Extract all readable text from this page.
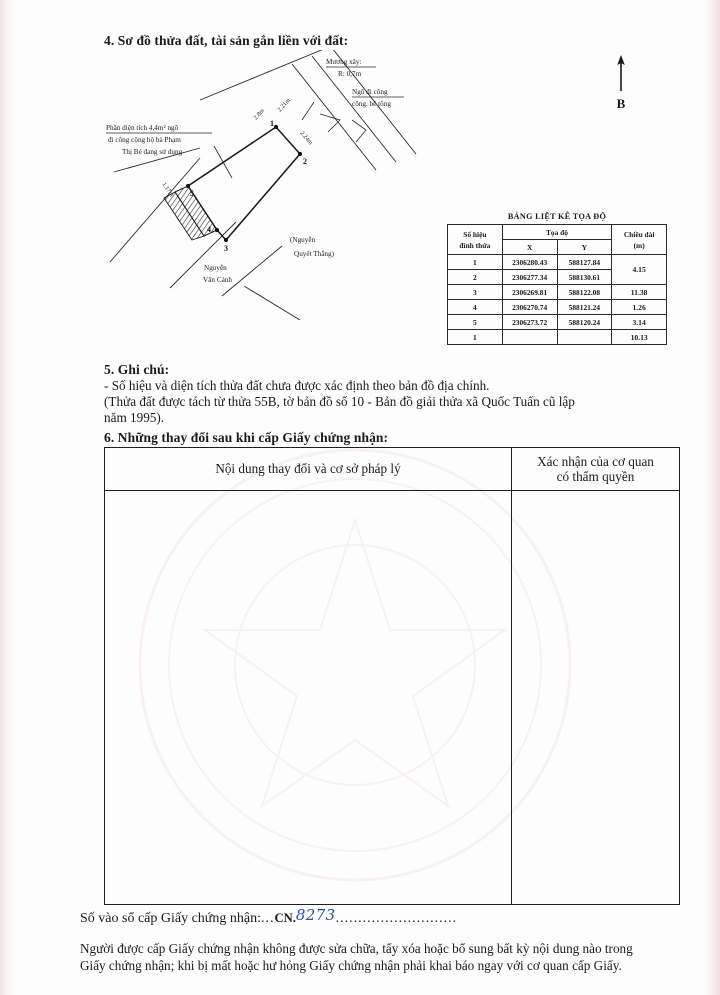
4. Sơ đồ thửa đất, tài sản gắn liền với đất:
B
1
2
3
4
5
2.8m
2.21m
2.24m
1.17m
Phần diện tích 4,4m² ngõ
đi công cộng hộ bà Phạm
Thị Bé đang sử dụng
Mương xây:
R: 0,7m
Ngõ đi công
cộng. bê tông
(Nguyễn
Quyết Thắng)
Nguyễn
Văn Cảnh
BẢNG LIỆT KÊ TỌA ĐỘ
Số hiệu
đỉnh thửa
	Tọa độ	Chiều dài
(m)

	X	Y	
1	2306280.43	588127.84	4.15
2	2306277.34	588130.61	
3	2306269.81	588122.08	11.38
4	2306270.74	588121.24	1.26
5	2306273.72	588120.24	3.14
1			10.13
5. Ghi chú:
- Số hiệu và diện tích thửa đất chưa được xác định theo bản đồ địa chính.
(Thửa đất được tách từ thửa 55B, tờ bản đồ số 10 - Bản đồ giải thửa xã Quốc Tuấn cũ lập
năm 1995).
6. Những thay đổi sau khi cấp Giấy chứng nhận:
Nội dung thay đổi và cơ sở pháp lý	Xác nhận của cơ quan
có thẩm quyền
Số vào sổ cấp Giấy chứng nhận:...CN.8273...........................
Người được cấp Giấy chứng nhận không được sửa chữa, tẩy xóa hoặc bổ sung bất kỳ nội dung nào trong
Giấy chứng nhận; khi bị mất hoặc hư hỏng Giấy chứng nhận phải khai báo ngay với cơ quan cấp Giấy.
